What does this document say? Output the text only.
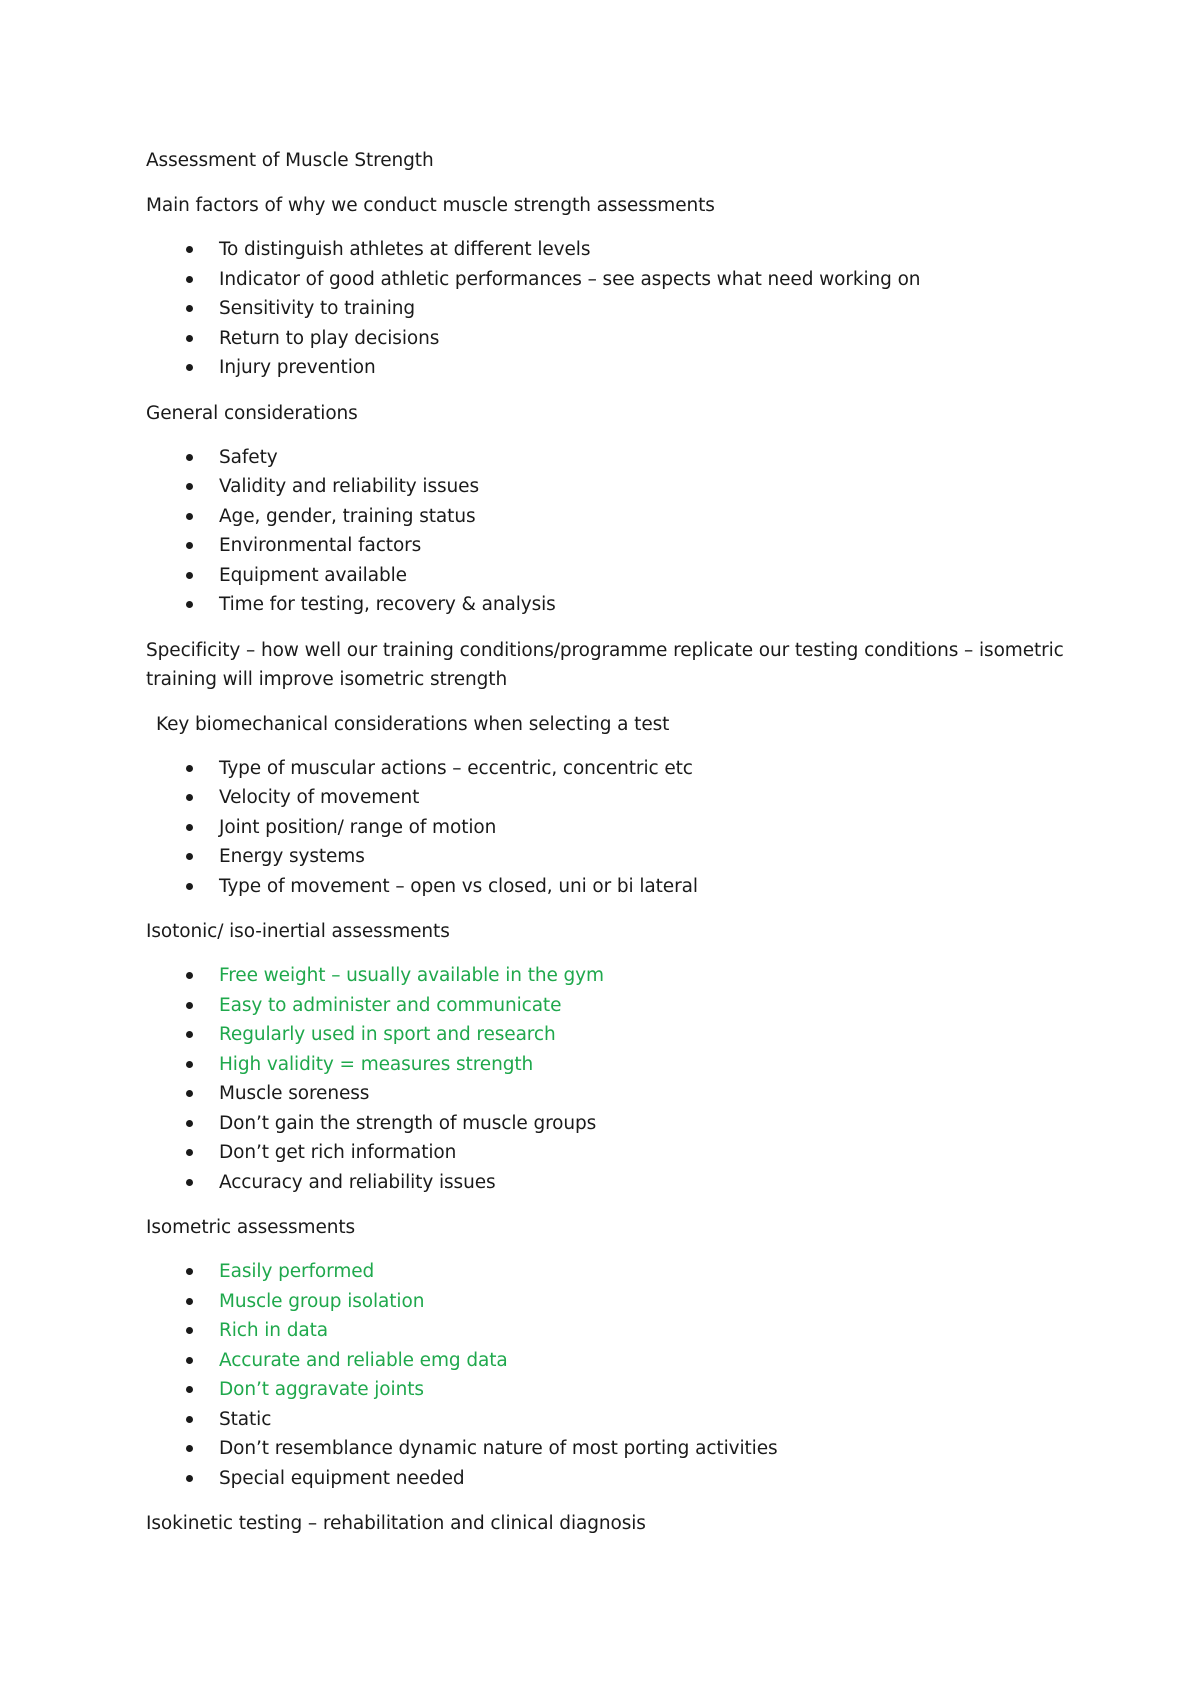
Assessment of Muscle Strength

Main factors of why we conduct muscle strength assessments

To distinguish athletes at different levels
Indicator of good athletic performances – see aspects what need working on
Sensitivity to training
Return to play decisions
Injury prevention

General considerations

Safety
Validity and reliability issues
Age, gender, training status
Environmental factors
Equipment available
Time for testing, recovery & analysis

Specificity – how well our training conditions/programme replicate our testing conditions – isometric training will improve isometric strength

Key biomechanical considerations when selecting a test

Type of muscular actions – eccentric, concentric etc
Velocity of movement
Joint position/ range of motion
Energy systems
Type of movement – open vs closed, uni or bi lateral

Isotonic/ iso-inertial assessments

Free weight – usually available in the gym
Easy to administer and communicate
Regularly used in sport and research
High validity = measures strength
Muscle soreness
Don’t gain the strength of muscle groups
Don’t get rich information
Accuracy and reliability issues

Isometric assessments

Easily performed
Muscle group isolation
Rich in data
Accurate and reliable emg data
Don’t aggravate joints
Static
Don’t resemblance dynamic nature of most porting activities
Special equipment needed

Isokinetic testing – rehabilitation and clinical diagnosis
